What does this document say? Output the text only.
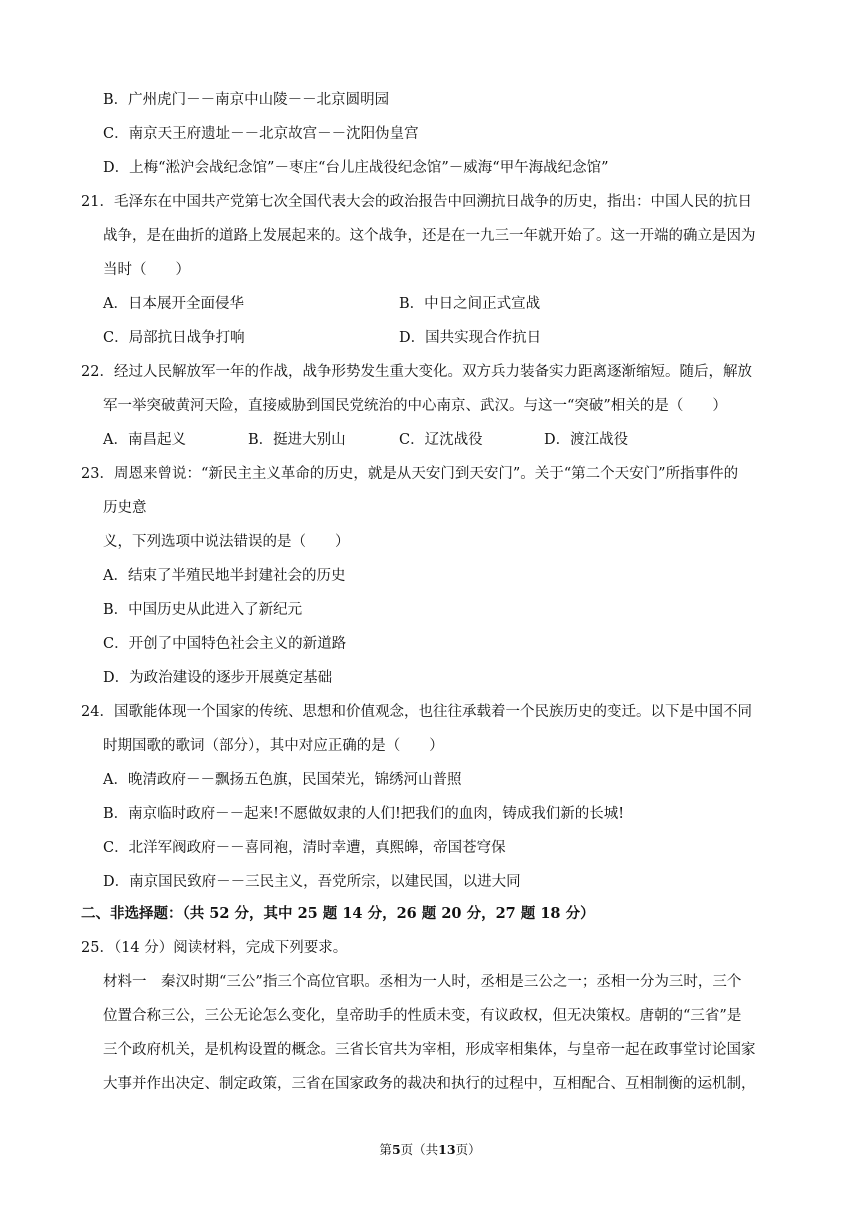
B．广州虎门－－南京中山陵－－北京圆明园
C．南京天王府遗址－－北京故宫－－沈阳伪皇宫
D．上梅“淞沪会战纪念馆”－枣庄“台儿庄战役纪念馆”－威海“甲午海战纪念馆”
21．毛泽东在中国共产党第七次全国代表大会的政治报告中回溯抗日战争的历史，指出：中国人民的抗日
战争，是在曲折的道路上发展起来的。这个战争，还是在一九三一年就开始了。这一开端的确立是因为
当时（　　）
A．日本展开全面侵华	B．中日之间正式宣战
C．局部抗日战争打响	D．国共实现合作抗日
22．经过人民解放军一年的作战，战争形势发生重大变化。双方兵力装备实力距离逐渐缩短。随后，解放
军一举突破黄河天险，直接威胁到国民党统治的中心南京、武汉。与这一“突破”相关的是（　　）
A．南昌起义	B．挺进大别山	C．辽沈战役	D．渡江战役
23．周恩来曾说：“新民主主义革命的历史，就是从天安门到天安门”。关于“第二个天安门”所指事件的
历史意
义，下列选项中说法错误的是（　　）
A．结束了半殖民地半封建社会的历史
B．中国历史从此进入了新纪元
C．开创了中国特色社会主义的新道路
D．为政治建设的逐步开展奠定基础
24．国歌能体现一个国家的传统、思想和价值观念，也往往承载着一个民族历史的变迁。以下是中国不同
时期国歌的歌词（部分），其中对应正确的是（　　）
A．晚清政府－－飘扬五色旗，民国荣光，锦绣河山普照
B．南京临时政府－－起来!不愿做奴隶的人们!把我们的血肉，铸成我们新的长城!
C．北洋军阀政府－－喜同袍，清时幸遭，真熙皞，帝国苍穹保
D．南京国民致府－－三民主义，吾党所宗，以建民国，以进大同
二、非选择题：（共 52 分，其中 25 题 14 分，26 题 20 分，27 题 18 分）
25．（14 分）阅读材料，完成下列要求。
材料一　秦汉时期“三公”指三个高位官职。丞相为一人时，丞相是三公之一；丞相一分为三时，三个
位置合称三公，三公无论怎么变化，皇帝助手的性质未变，有议政权，但无决策权。唐朝的“三省”是
三个政府机关，是机构设置的概念。三省长官共为宰相，形成宰相集体，与皇帝一起在政事堂讨论国家
大事并作出决定、制定政策，三省在国家政务的裁决和执行的过程中，互相配合、互相制衡的运机制，
第5页（共13页）
